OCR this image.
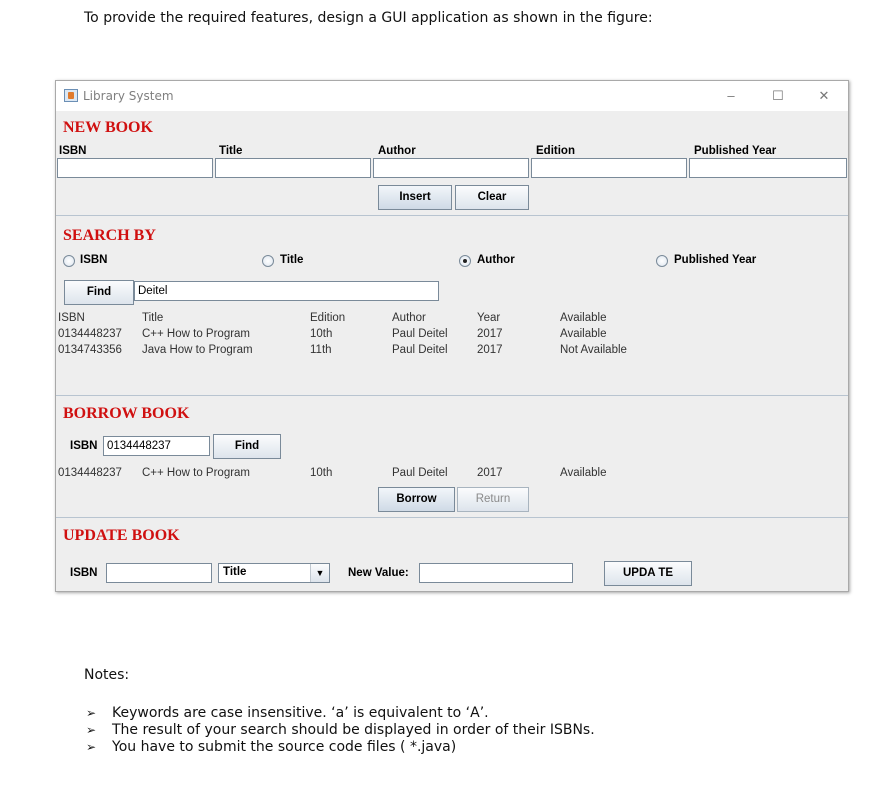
To provide the required features, design a GUI application as shown in the figure:
Library System	–	☐	✕
NEW BOOK
ISBN	Title	Author	Edition	Published Year
Insert	Clear
SEARCH BY
ISBN	Title	Author	Published Year
Find	Deitel
ISBN	Title	Edition	Author	Year	Available
0134448237 C++ How to Program	10th	Paul Deitel	2017	Available
0134743356 Java How to Program	11th	Paul Deitel	2017	Not Available
BORROW BOOK
ISBN 0134448237	Find
0134448237 C++ How to Program	10th	Paul Deitel	2017	Available
Borrow	Return
UPDATE BOOK
ISBN	Title	▼	New Value:	UPDA TE
Notes:
➢ Keywords are case insensitive. ‘a’ is equivalent to ‘A’.
➢ The result of your search should be displayed in order of their ISBNs.
➢ You have to submit the source code files ( *.java)
